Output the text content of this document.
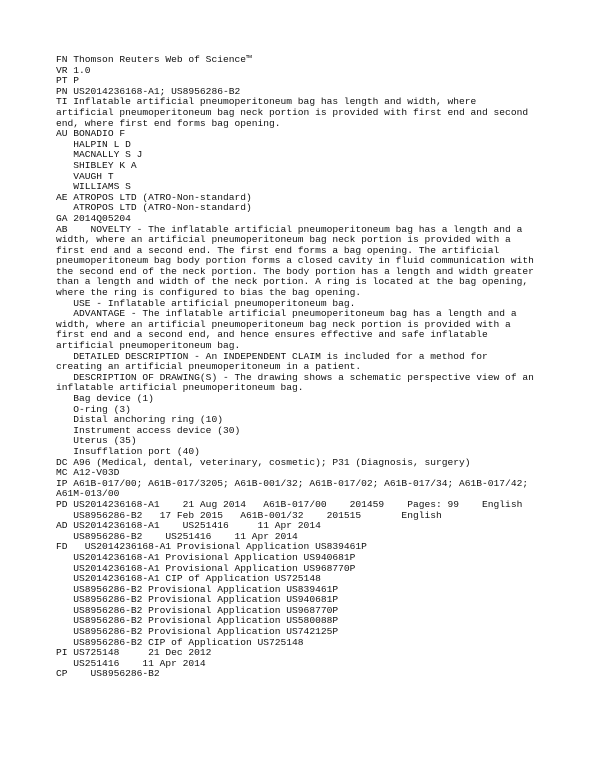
FN Thomson Reuters Web of Science™
VR 1.0
PT P
PN US2014236168-A1; US8956286-B2
TI Inflatable artificial pneumoperitoneum bag has length and width, where
artificial pneumoperitoneum bag neck portion is provided with first end and second
end, where first end forms bag opening.
AU BONADIO F
HALPIN L D
MACNALLY S J
SHIBLEY K A
VAUGH T
WILLIAMS S
AE ATROPOS LTD (ATRO-Non-standard)
ATROPOS LTD (ATRO-Non-standard)
GA 2014Q05204
AB    NOVELTY - The inflatable artificial pneumoperitoneum bag has a length and a
width, where an artificial pneumoperitoneum bag neck portion is provided with a
first end and a second end. The first end forms a bag opening. The artificial
pneumoperitoneum bag body portion forms a closed cavity in fluid communication with
the second end of the neck portion. The body portion has a length and width greater
than a length and width of the neck portion. A ring is located at the bag opening,
where the ring is configured to bias the bag opening.
USE - Inflatable artificial pneumoperitoneum bag.
ADVANTAGE - The inflatable artificial pneumoperitoneum bag has a length and a
width, where an artificial pneumoperitoneum bag neck portion is provided with a
first end and a second end, and hence ensures effective and safe inflatable
artificial pneumoperitoneum bag.
DETAILED DESCRIPTION - An INDEPENDENT CLAIM is included for a method for
creating an artificial pneumoperitoneum in a patient.
DESCRIPTION OF DRAWING(S) - The drawing shows a schematic perspective view of an
inflatable artificial pneumoperitoneum bag.
Bag device (1)
O-ring (3)
Distal anchoring ring (10)
Instrument access device (30)
Uterus (35)
Insufflation port (40)
DC A96 (Medical, dental, veterinary, cosmetic); P31 (Diagnosis, surgery)
MC A12-V03D
IP A61B-017/00; A61B-017/3205; A61B-001/32; A61B-017/02; A61B-017/34; A61B-017/42;
A61M-013/00
PD US2014236168-A1    21 Aug 2014   A61B-017/00    201459    Pages: 99    English
US8956286-B2   17 Feb 2015   A61B-001/32    201515       English
AD US2014236168-A1    US251416     11 Apr 2014
US8956286-B2    US251416    11 Apr 2014
FD   US2014236168-A1 Provisional Application US839461P
US2014236168-A1 Provisional Application US940681P
US2014236168-A1 Provisional Application US968770P
US2014236168-A1 CIP of Application US725148
US8956286-B2 Provisional Application US839461P
US8956286-B2 Provisional Application US940681P
US8956286-B2 Provisional Application US968770P
US8956286-B2 Provisional Application US580088P
US8956286-B2 Provisional Application US742125P
US8956286-B2 CIP of Application US725148
PI US725148     21 Dec 2012
US251416    11 Apr 2014
CP    US8956286-B2
